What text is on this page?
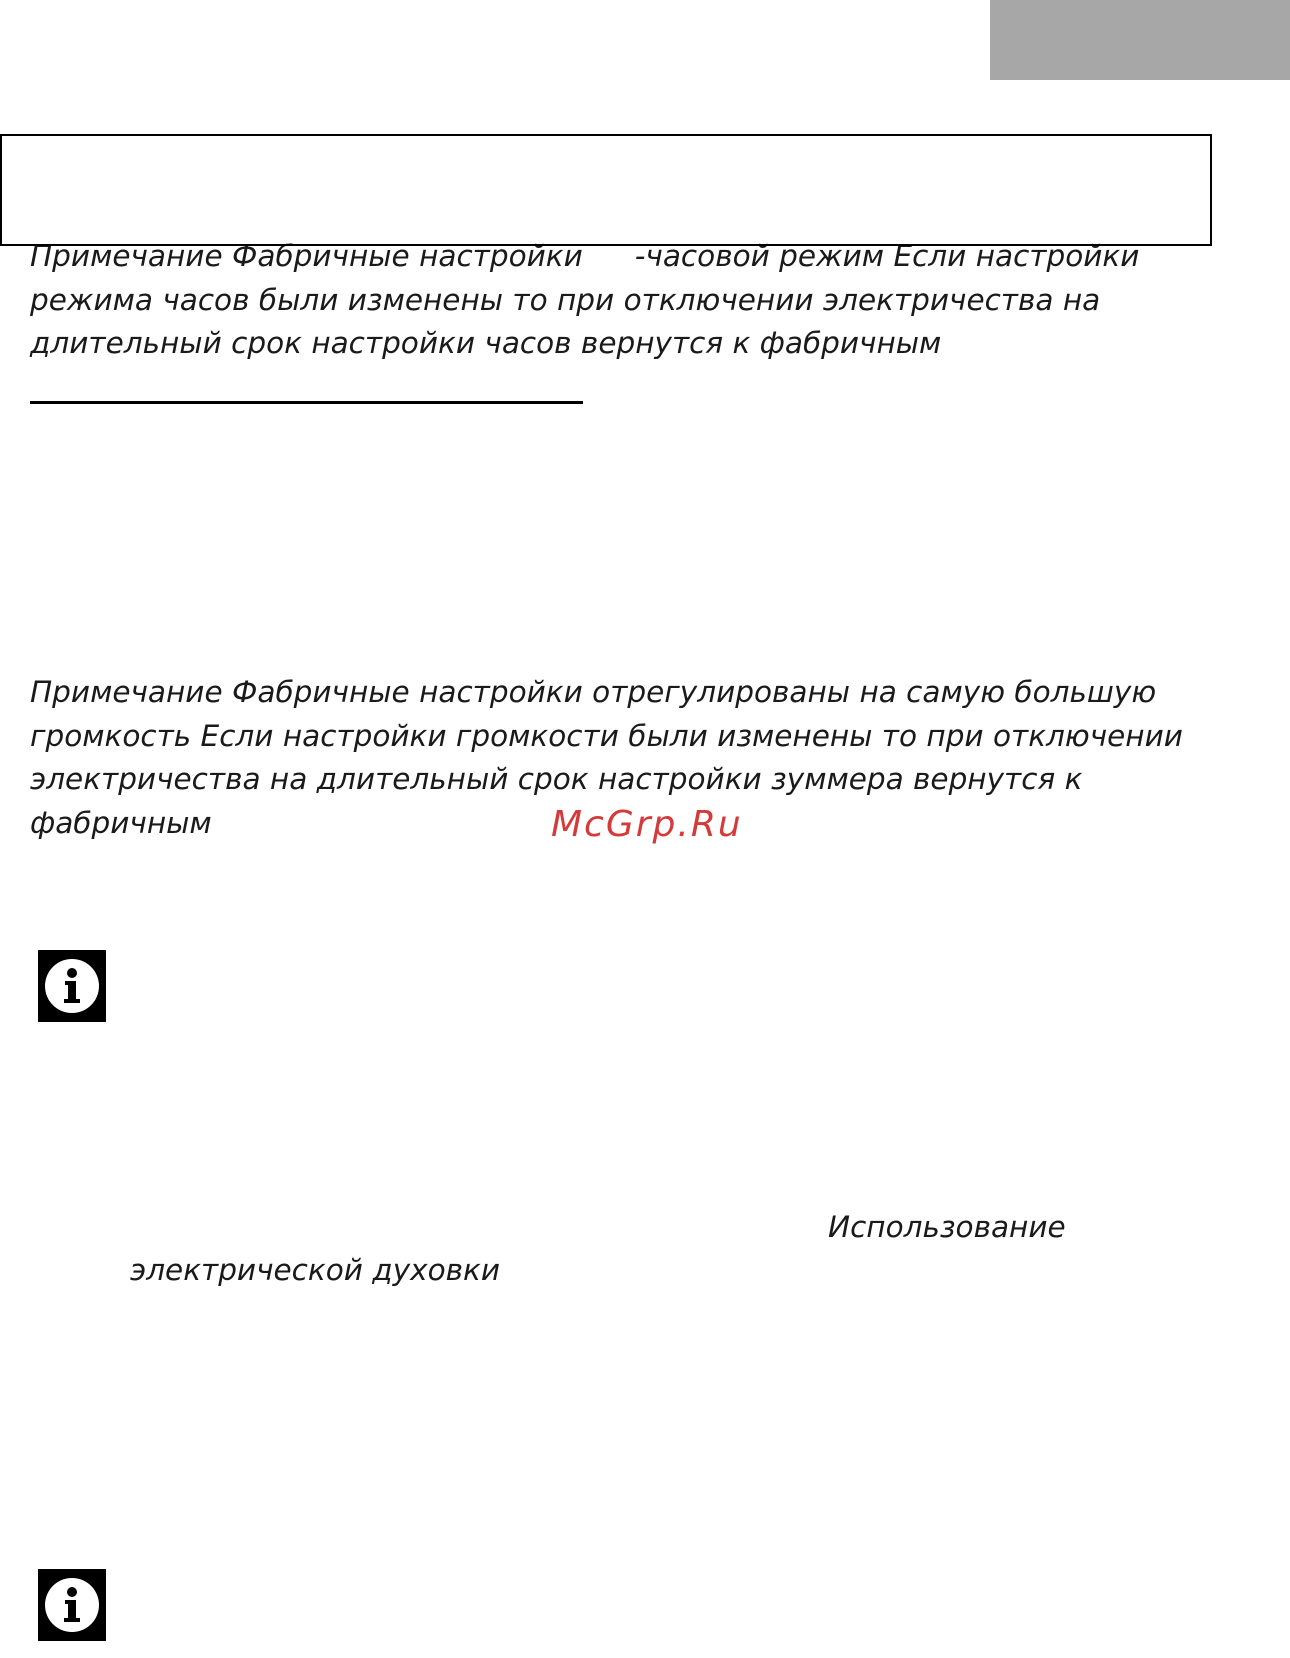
Примечание Фабричные настройки -часовой режим Если настройки
режима часов были изменены то при отключении электричества на
длительный срок настройки часов вернутся к фабричным
Примечание Фабричные настройки отрегулированы на самую большую
громкость Если настройки громкости были изменены то при отключении
электричества на длительный срок настройки зуммера вернутся к
фабричным	McGrp.Ru
Использование
электрической духовки
